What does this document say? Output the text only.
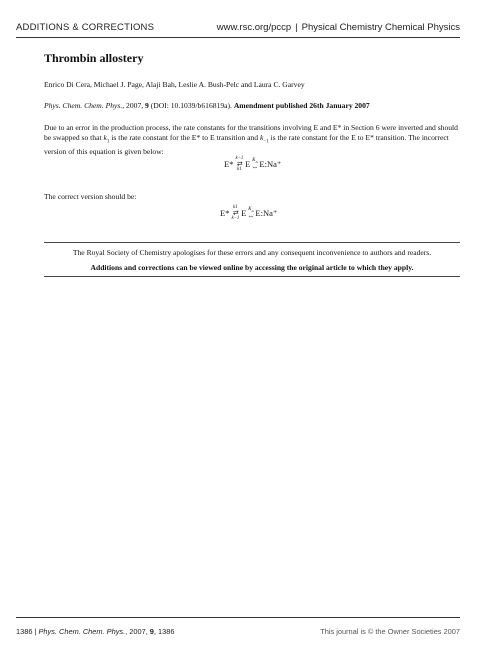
ADDITIONS & CORRECTIONS	www.rsc.org/pccp | Physical Chemistry Chemical Physics
Thrombin allostery
Enrico Di Cera, Michael J. Page, Alaji Bah, Leslie A. Bush-Pelc and Laura C. Garvey
Phys. Chem. Chem. Phys., 2007, 9 (DOI: 10.1039/b616819a). Amendment published 26th January 2007
Due to an error in the production process, the rate constants for the transitions involving E and E* in Section 6 were inverted and should be swapped so that $k_1$ is the rate constant for the E* to E transition and $k_{-1}$ is the rate constant for the E to E* transition. The incorrect version of this equation is given below:
E*
k−1
⇄
k1
E $K_A$
⇔ E:Na⁺
The correct version should be:
E*
k1
⇄
k−1
E $K_A$
⇔ E:Na⁺
The Royal Society of Chemistry apologises for these errors and any consequent inconvenience to authors and readers.
Additions and corrections can be viewed online by accessing the original article to which they apply.
1386 | Phys. Chem. Chem. Phys., 2007, 9, 1386	This journal is © the Owner Societies 2007
